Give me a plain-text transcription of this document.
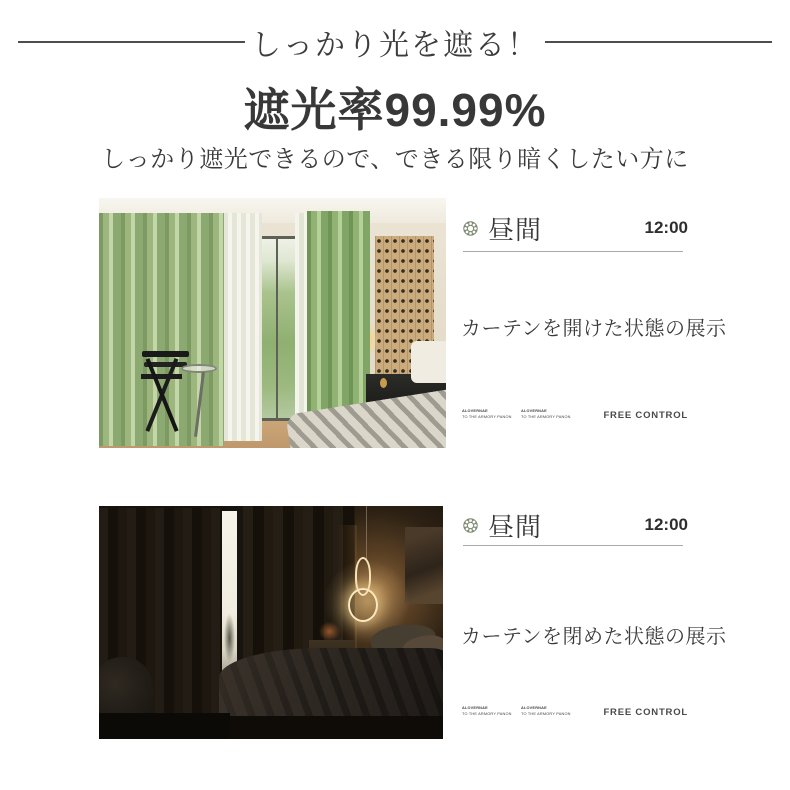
しっかり光を遮る！
遮光率99.99%

しっかり遮光できるので、できる限り暗くしたい方に

昼間	12:00

カーテンを開けた状態の展示

ALOVERNAE
TO THE ARMORY PANON
ALOVERNAE
TO THE ARMORY PANON	FREE CONTROL
昼間	12:00

カーテンを閉めた状態の展示

ALOVERNAE
TO THE ARMORY PANON
ALOVERNAE
TO THE ARMORY PANON	FREE CONTROL
